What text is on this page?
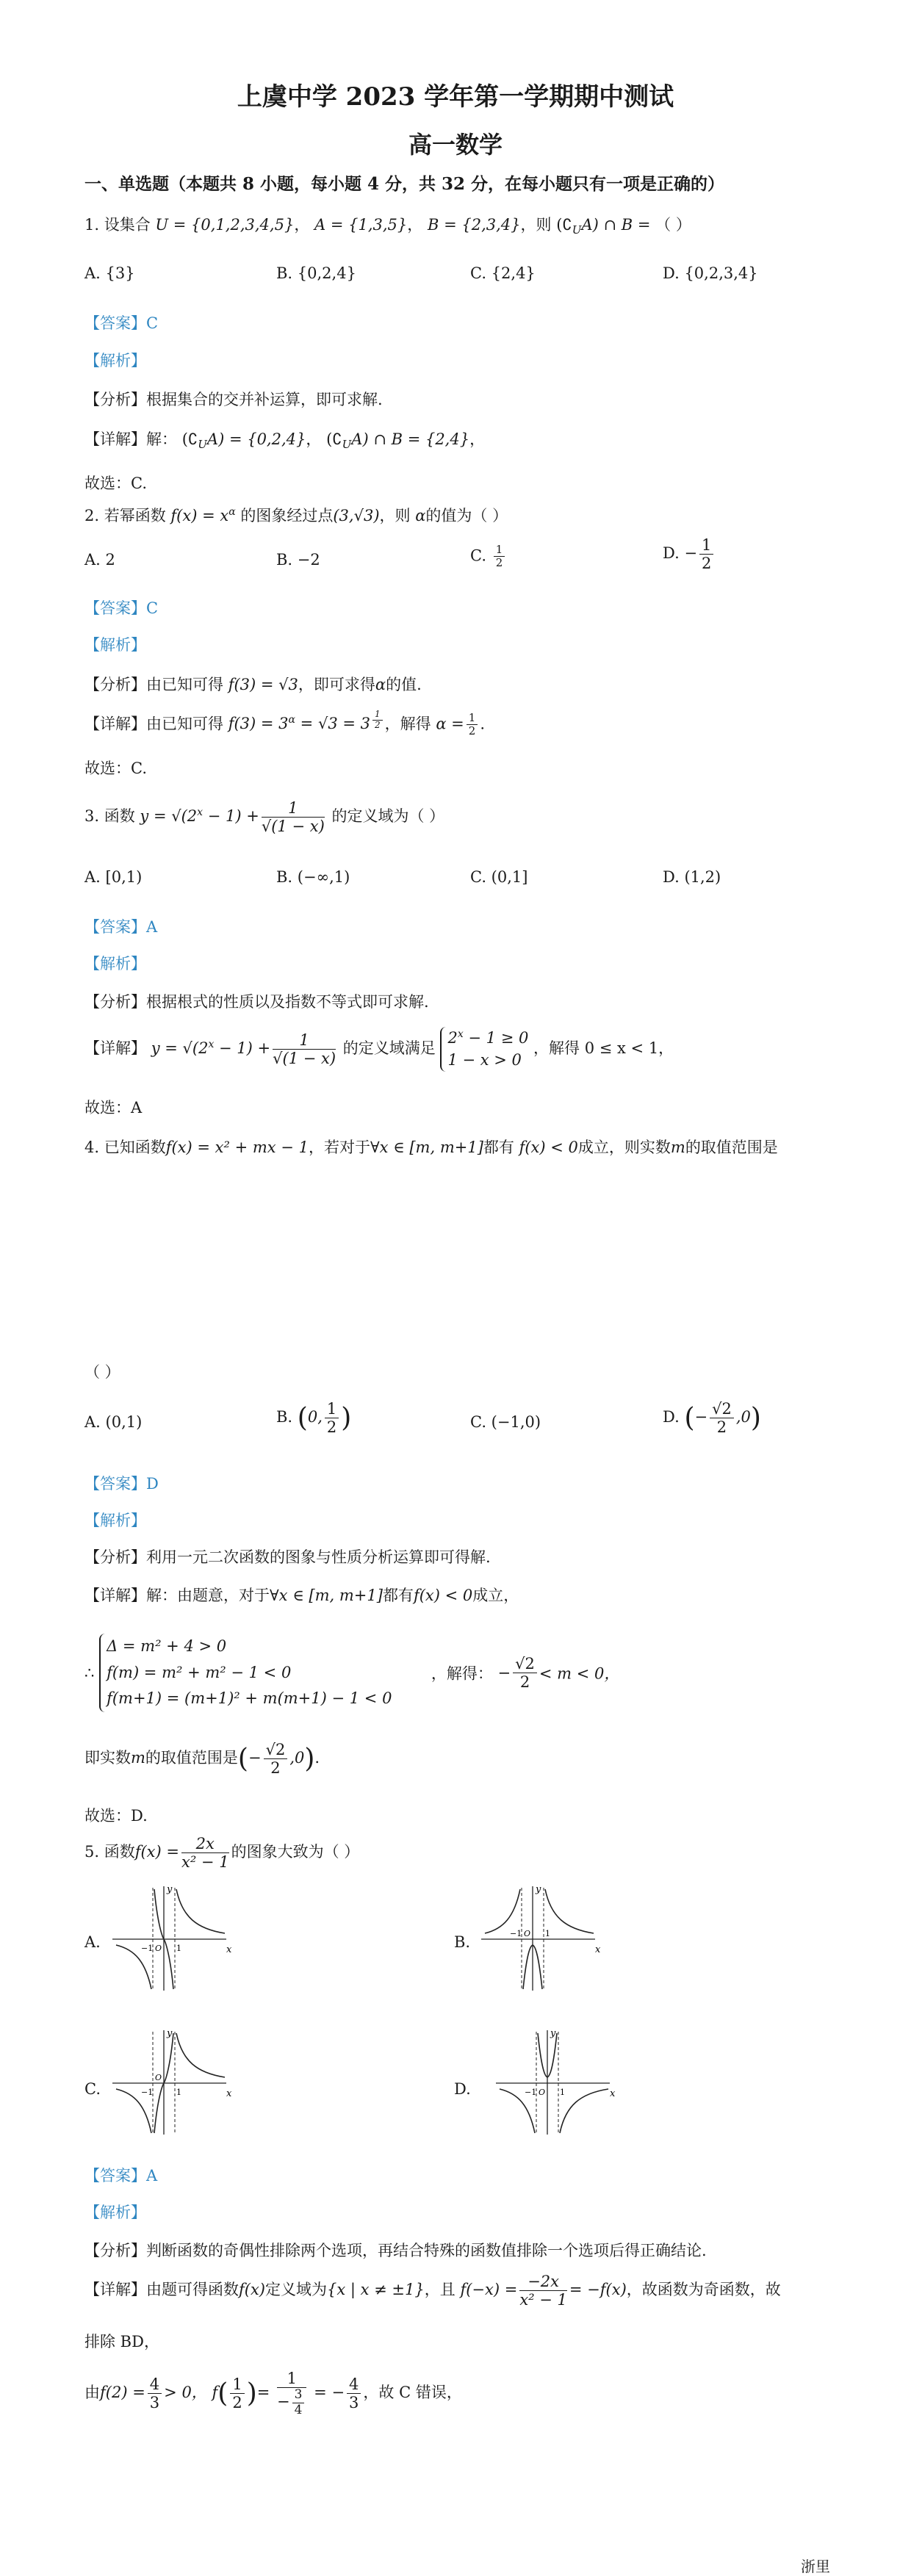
上虞中学 2023 学年第一学期期中测试
高一数学
一、单选题（本题共 8 小题，每小题 4 分，共 32 分，在每小题只有一项是正确的）
1. 设集合 U = {0,1,2,3,4,5}， A = {1,3,5}， B = {2,3,4}，则 $(∁_UA)$ ∩ B = （ ）
A. {3}	B. {0,2,4}	C. {2,4}	D. {0,2,3,4}
【答案】C
【解析】
【分析】根据集合的交并补运算，即可求解.
【详解】解： $(∁_UA) = \{0,2,4\}$， $(∁_UA)$ ∩ B = {2,4}，
故选：C.
2. 若幂函数 $f(x) = x^\alpha$ 的图象经过点(3,√3)，则 α的值为（ ）
A. 2	B. −2	C. $\frac{1}{2}$	D. − $\frac{1}{2}$
【答案】C
【解析】
【分析】由已知可得 f(3) = √3，即可求得α的值.
【详解】由已知可得 $f(3) = 3^\alpha = √3 = 3$ $^{\frac{1}{2}}$ ，解得 $\alpha = \frac{1}{2}$ .
故选：C.
3. 函数 $y = √(2^x - 1) + \frac{1}{√(1 - x)}$ 的定义域为（ ）
A. [0,1)	B. (−∞,1)	C. (0,1]	D. (1,2)
【答案】A
【解析】
【分析】根据根式的性质以及指数不等式即可求解.
【详解】 $y = √(2^x - 1) + \frac{1}{√(1 - x)}$ 的定义域满足 $2^x - 1 \ge 0$
1 − x > 0 ，解得 0 ≤ x < 1，
故选：A
4. 已知函数f(x) = x² + mx − 1，若对于∀x ∈ [m, m+1]都有 f(x) < 0成立，则实数m的取值范围是
（ ）
A. (0,1)	B. (0, $\frac{1}{2}$ )	C. (−1,0)	D. (− $\frac{√2}{2} ,0$)
【答案】D
【解析】
【分析】利用一元二次函数的图象与性质分析运算即可得解.
【详解】解：由题意，对于∀x ∈ [m, m+1]都有f(x) < 0成立，
∴ Δ = m² + 4 > 0
f(m) = m² + m² − 1 < 0
f(m+1) = (m+1)² + m(m+1) − 1 < 0  ，解得： − $\frac{√2}{2} < m < 0$，
即实数m的取值范围是(− $\frac{√2}{2} ,0$).
故选：D.
5. 函数$f(x) = \frac{2x}{\text{x² − 1}}$ 的图象大致为（ ）
A.	B.
C.	D.
x
y
−1 O 1	x
y
−1 O 1
x
y
−1
O
1	x
y
−1 O 1
【答案】A
【解析】
【分析】判断函数的奇偶性排除两个选项，再结合特殊的函数值排除一个选项后得正确结论.
【详解】由题可得函数f(x)定义域为{x | x ≠ ±1}，且 $f(-x) = \frac{-2x}{\text{x² − 1}} = -f(x)$，故函数为奇函数，故
排除 BD，
由$f(2) = \frac{4}{3} > 0$， $f( \frac{1}{2}$ )= $\frac{1}{- \frac{3}{4}}$ = − $\frac{4}{3}$ ，故 C 错误，
浙里
